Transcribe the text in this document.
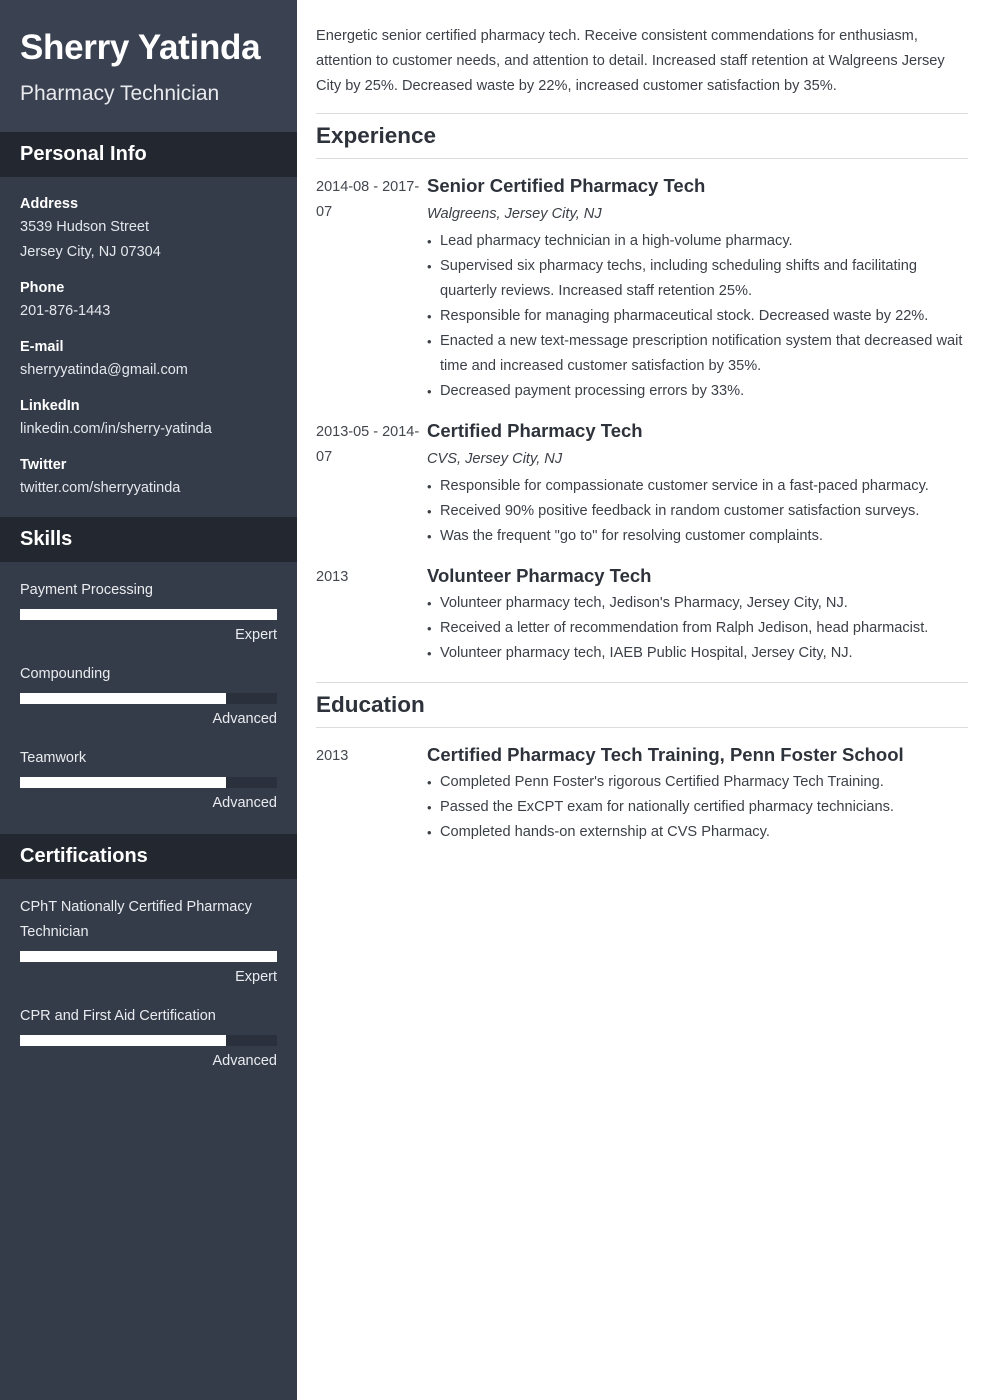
Sherry Yatinda
Pharmacy Technician
Personal Info
Address
3539 Hudson Street
Jersey City, NJ 07304
Phone
201-876-1443
E-mail
sherryyatinda@gmail.com
LinkedIn
linkedin.com/in/sherry-yatinda
Twitter
twitter.com/sherryyatinda
Skills
Payment Processing
Expert
Compounding
Advanced
Teamwork
Advanced
Certifications
CPhT Nationally Certified Pharmacy Technician
Expert
CPR and First Aid Certification
Advanced

Energetic senior certified pharmacy tech. Receive consistent commendations for enthusiasm, attention to customer needs, and attention to detail. Increased staff retention at Walgreens Jersey City by 25%. Decreased waste by 22%, increased customer satisfaction by 35%.

Experience
2014-08 - 2017-07
Senior Certified Pharmacy Tech
Walgreens, Jersey City, NJ
• Lead pharmacy technician in a high-volume pharmacy.
• Supervised six pharmacy techs, including scheduling shifts and facilitating quarterly reviews. Increased staff retention 25%.
• Responsible for managing pharmaceutical stock. Decreased waste by 22%.
• Enacted a new text-message prescription notification system that decreased wait time and increased customer satisfaction by 35%.
• Decreased payment processing errors by 33%.
2013-05 - 2014-07
Certified Pharmacy Tech
CVS, Jersey City, NJ
• Responsible for compassionate customer service in a fast-paced pharmacy.
• Received 90% positive feedback in random customer satisfaction surveys.
• Was the frequent "go to" for resolving customer complaints.
2013	Volunteer Pharmacy Tech
• Volunteer pharmacy tech, Jedison's Pharmacy, Jersey City, NJ.
• Received a letter of recommendation from Ralph Jedison, head pharmacist.
• Volunteer pharmacy tech, IAEB Public Hospital, Jersey City, NJ.
Education
2013	Certified Pharmacy Tech Training, Penn Foster School
• Completed Penn Foster's rigorous Certified Pharmacy Tech Training.
• Passed the ExCPT exam for nationally certified pharmacy technicians.
• Completed hands-on externship at CVS Pharmacy.
